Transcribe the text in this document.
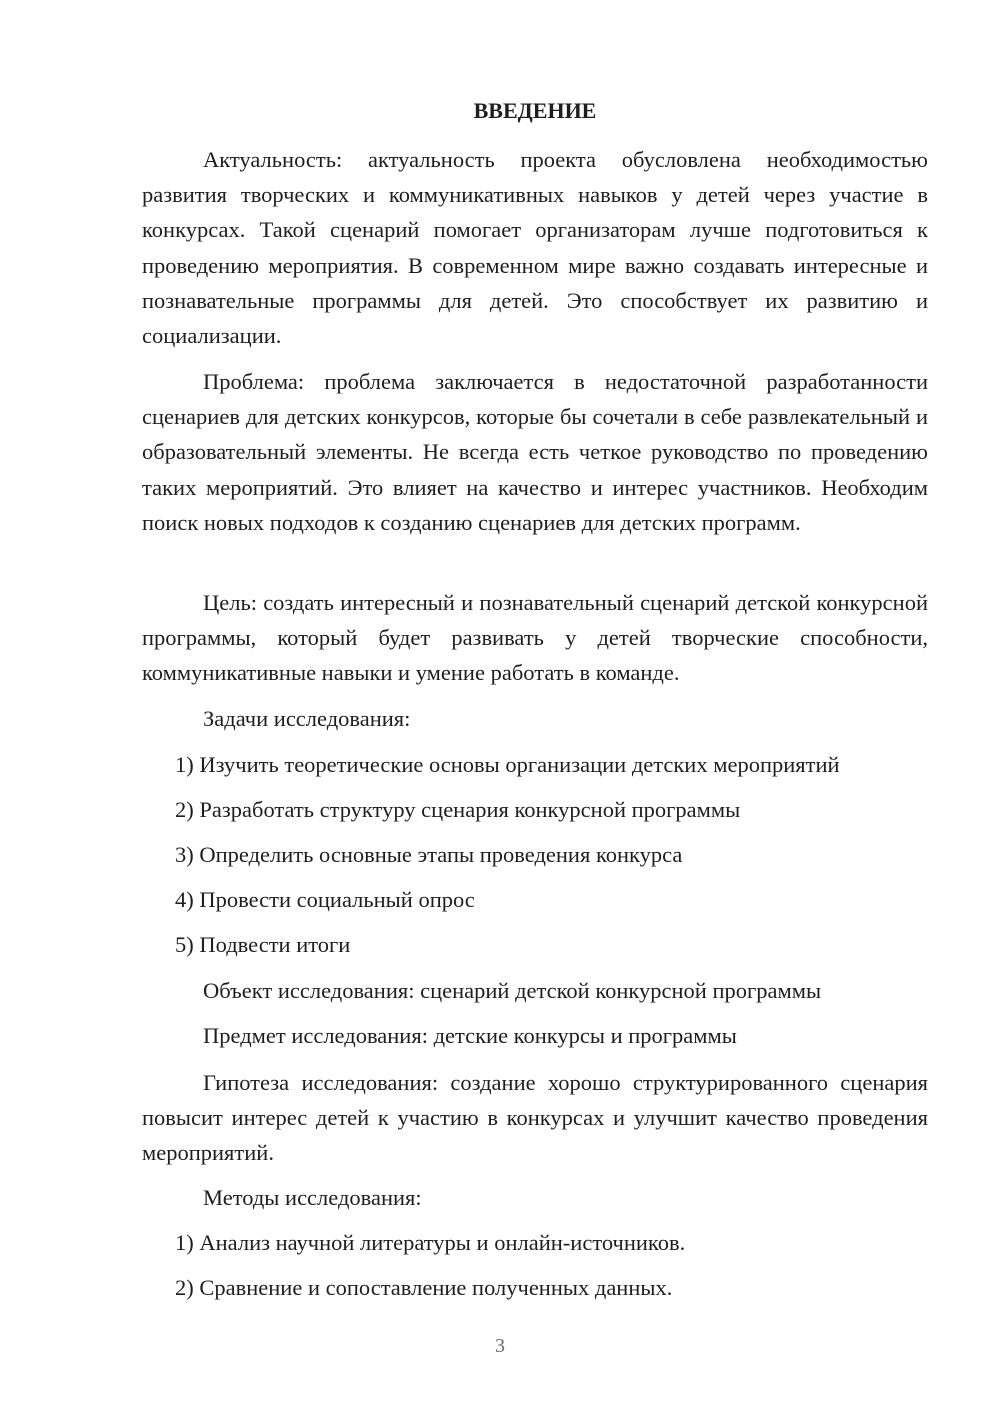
ВВЕДЕНИЕ

Актуальность: актуальность проекта обусловлена необходимостью развития творческих и коммуникативных навыков у детей через участие в конкурсах. Такой сценарий помогает организаторам лучше подготовиться к проведению мероприятия. В современном мире важно создавать интересные и познавательные программы для детей. Это способствует их развитию и социализации.

Проблема: проблема заключается в недостаточной разработанности сценариев для детских конкурсов, которые бы сочетали в себе развлекательный и образовательный элементы. Не всегда есть четкое руководство по проведению таких мероприятий. Это влияет на качество и интерес участников. Необходим поиск новых подходов к созданию сценариев для детских программ.

Цель: создать интересный и познавательный сценарий детской конкурсной программы, который будет развивать у детей творческие способности, коммуникативные навыки и умение работать в команде.

Задачи исследования:

1) Изучить теоретические основы организации детских мероприятий

2) Разработать структуру сценария конкурсной программы

3) Определить основные этапы проведения конкурса

4) Провести социальный опрос

5) Подвести итоги

Объект исследования: сценарий детской конкурсной программы

Предмет исследования: детские конкурсы и программы

Гипотеза исследования: создание хорошо структурированного сценария повысит интерес детей к участию в конкурсах и улучшит качество проведения мероприятий.

Методы исследования:

1) Анализ научной литературы и онлайн-источников.

2) Сравнение и сопоставление полученных данных.

3
